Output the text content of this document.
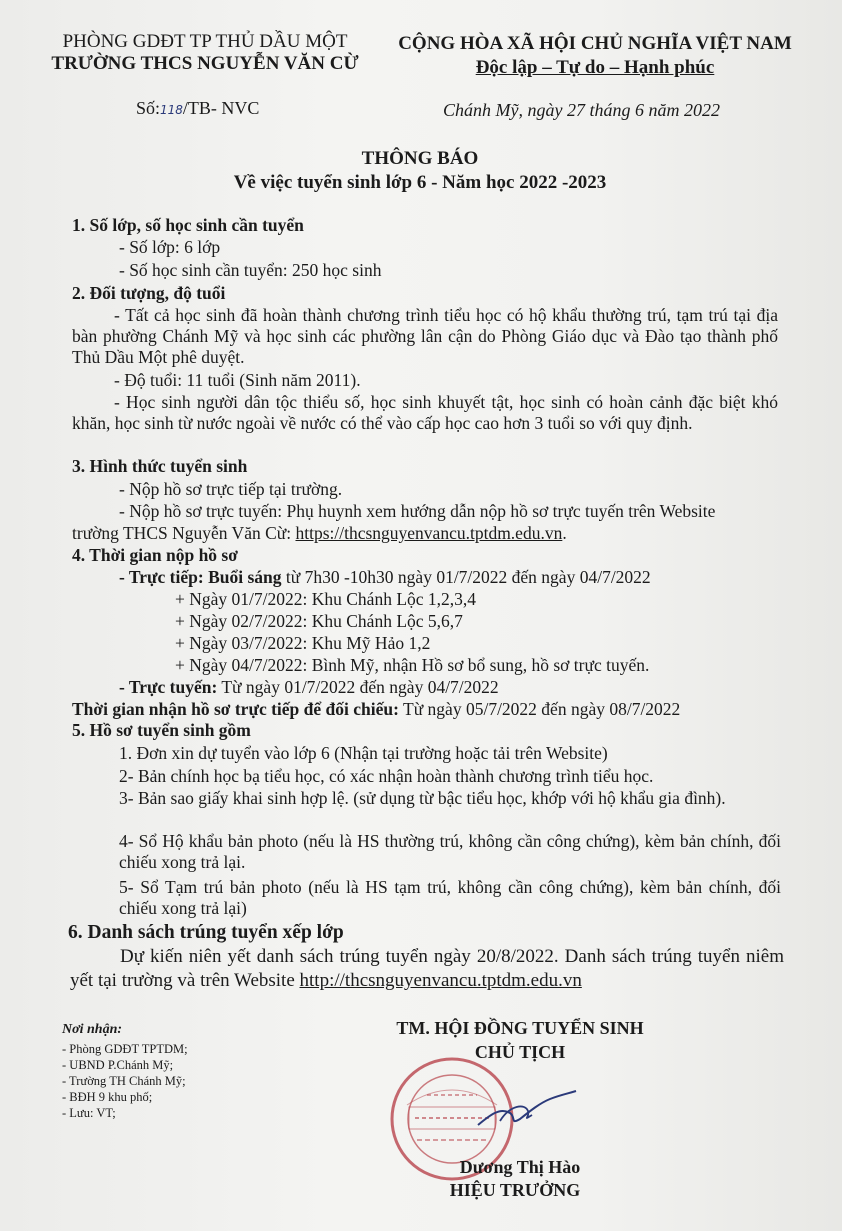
PHÒNG GDĐT TP THỦ DẦU MỘT
TRƯỜNG THCS NGUYỄN VĂN CỪ
CỘNG HÒA XÃ HỘI CHỦ NGHĨA VIỆT NAM
Độc lập – Tự do – Hạnh phúc
Số:118/TB- NVC	Chánh Mỹ, ngày 27 tháng 6 năm 2022
THÔNG BÁO
Về việc tuyển sinh lớp 6 - Năm học 2022 -2023
1. Số lớp, số học sinh cần tuyển
- Số lớp: 6 lớp
- Số học sinh cần tuyển: 250 học sinh
2. Đối tượng, độ tuổi
- Tất cả học sinh đã hoàn thành chương trình tiểu học có hộ khẩu thường trú, tạm trú tại địa bàn phường Chánh Mỹ và học sinh các phường lân cận do Phòng Giáo dục và Đào tạo thành phố Thủ Dầu Một phê duyệt.
- Độ tuổi: 11 tuổi (Sinh năm 2011).
- Học sinh người dân tộc thiểu số, học sinh khuyết tật, học sinh có hoàn cảnh đặc biệt khó khăn, học sinh từ nước ngoài về nước có thể vào cấp học cao hơn 3 tuổi so với quy định.
3. Hình thức tuyển sinh
- Nộp hồ sơ trực tiếp tại trường.
- Nộp hồ sơ trực tuyến: Phụ huynh xem hướng dẫn nộp hồ sơ trực tuyến trên Website
trường THCS Nguyễn Văn Cừ: https://thcsnguyenvancu.tptdm.edu.vn.
4. Thời gian nộp hồ sơ
- Trực tiếp: Buổi sáng từ 7h30 -10h30 ngày 01/7/2022 đến ngày 04/7/2022
+ Ngày 01/7/2022: Khu Chánh Lộc 1,2,3,4
+ Ngày 02/7/2022: Khu Chánh Lộc 5,6,7
+ Ngày 03/7/2022: Khu Mỹ Hảo 1,2
+ Ngày 04/7/2022: Bình Mỹ, nhận Hồ sơ bổ sung, hồ sơ trực tuyến.
- Trực tuyến: Từ ngày 01/7/2022 đến ngày 04/7/2022
Thời gian nhận hồ sơ trực tiếp để đối chiếu: Từ ngày 05/7/2022 đến ngày 08/7/2022
5. Hồ sơ tuyển sinh gồm
1. Đơn xin dự tuyển vào lớp 6 (Nhận tại trường hoặc tải trên Website)
2- Bản chính học bạ tiểu học, có xác nhận hoàn thành chương trình tiểu học.
3- Bản sao giấy khai sinh hợp lệ. (sử dụng từ bậc tiểu học, khớp với hộ khẩu gia đình).
4- Sổ Hộ khẩu bản photo (nếu là HS thường trú, không cần công chứng), kèm bản chính, đối chiếu xong trả lại.
5- Sổ Tạm trú bản photo (nếu là HS tạm trú, không cần công chứng), kèm bản chính, đối chiếu xong trả lại)
6. Danh sách trúng tuyển xếp lớp
Dự kiến niên yết danh sách trúng tuyển ngày 20/8/2022. Danh sách trúng tuyển niêm yết tại trường và trên Website http://thcsnguyenvancu.tptdm.edu.vn
Nơi nhận:
- Phòng GDĐT TPTDM;
- UBND P.Chánh Mỹ;
- Trường TH Chánh Mỹ;
- BĐH 9 khu phố;
- Lưu: VT;
TM. HỘI ĐỒNG TUYỂN SINH
CHỦ TỊCH
Dương Thị Hào
HIỆU TRƯỞNG
